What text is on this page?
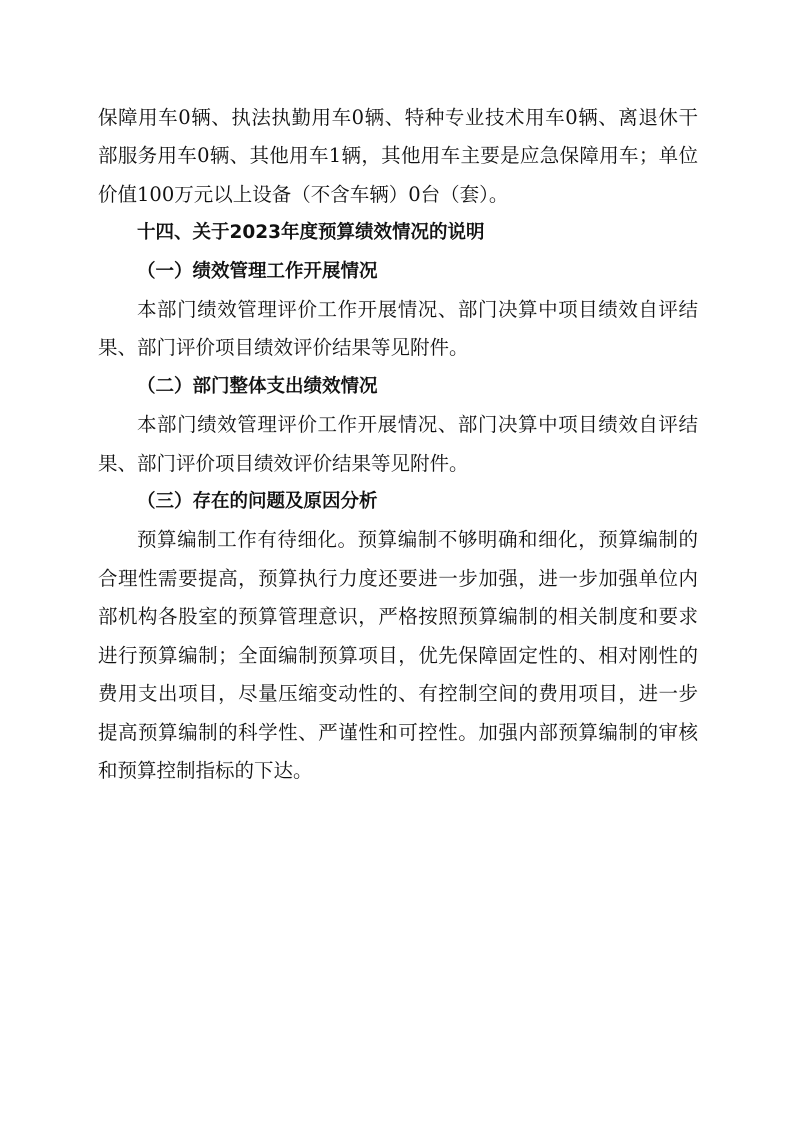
保障用车0辆、执法执勤用车0辆、特种专业技术用车0辆、离退休干部服务用车0辆、其他用车1辆，其他用车主要是应急保障用车；单位价值100万元以上设备（不含车辆）0台（套）。

十四、关于2023年度预算绩效情况的说明

（一）绩效管理工作开展情况

本部门绩效管理评价工作开展情况、部门决算中项目绩效自评结果、部门评价项目绩效评价结果等见附件。

（二）部门整体支出绩效情况

本部门绩效管理评价工作开展情况、部门决算中项目绩效自评结果、部门评价项目绩效评价结果等见附件。

（三）存在的问题及原因分析

预算编制工作有待细化。预算编制不够明确和细化，预算编制的合理性需要提高，预算执行力度还要进一步加强，进一步加强单位内部机构各股室的预算管理意识，严格按照预算编制的相关制度和要求进行预算编制；全面编制预算项目，优先保障固定性的、相对刚性的费用支出项目，尽量压缩变动性的、有控制空间的费用项目，进一步提高预算编制的科学性、严谨性和可控性。加强内部预算编制的审核和预算控制指标的下达。
